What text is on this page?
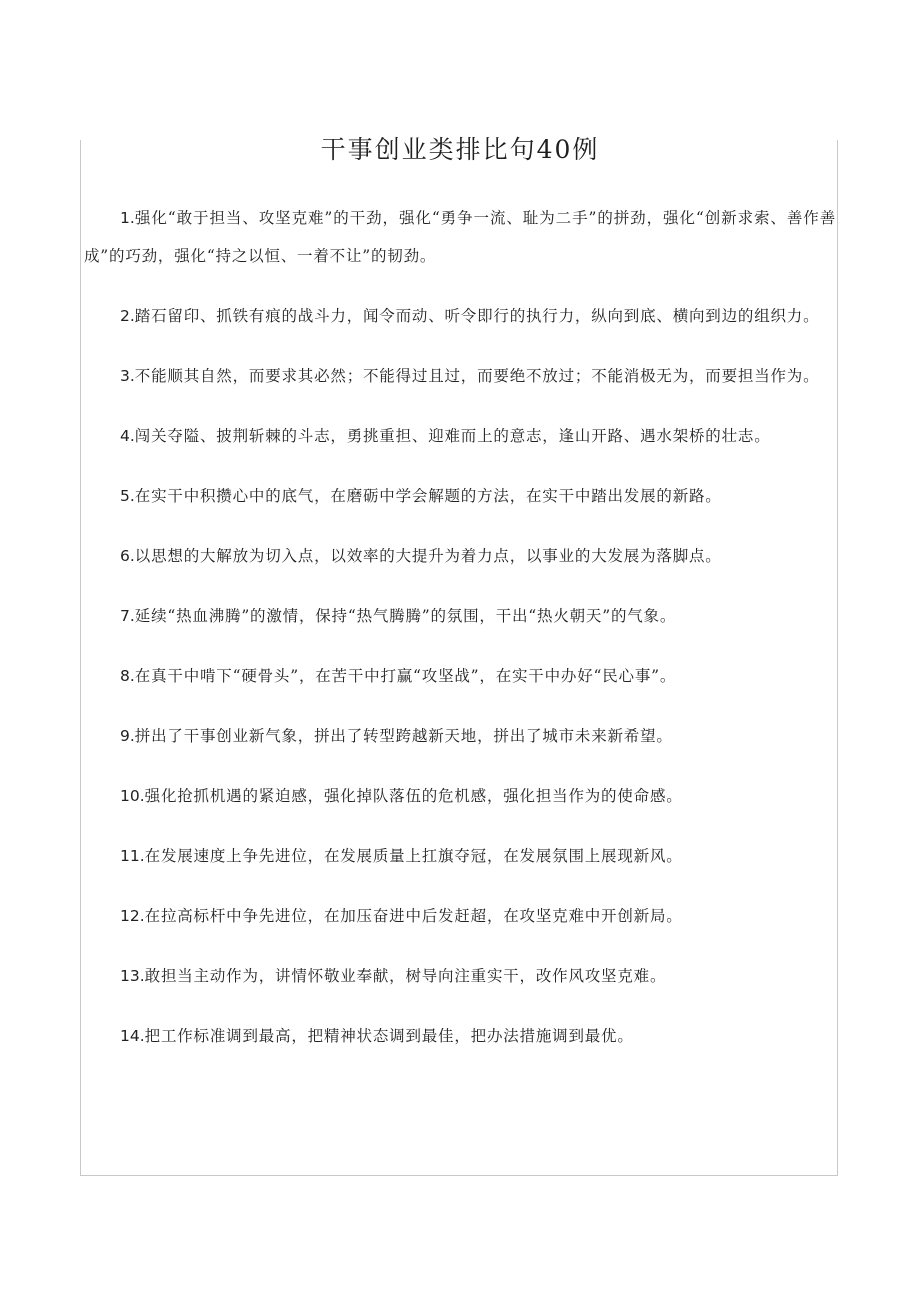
干事创业类排比句40例

1.强化“敢于担当、攻坚克难”的干劲，强化“勇争一流、耻为二手”的拼劲，强化“创新求索、善作善成”的巧劲，强化“持之以恒、一着不让”的韧劲。

2.踏石留印、抓铁有痕的战斗力，闻令而动、听令即行的执行力，纵向到底、横向到边的组织力。

3.不能顺其自然，而要求其必然；不能得过且过，而要绝不放过；不能消极无为，而要担当作为。

4.闯关夺隘、披荆斩棘的斗志，勇挑重担、迎难而上的意志，逢山开路、遇水架桥的壮志。

5.在实干中积攒心中的底气，在磨砺中学会解题的方法，在实干中踏出发展的新路。

6.以思想的大解放为切入点，以效率的大提升为着力点，以事业的大发展为落脚点。

7.延续“热血沸腾”的激情，保持“热气腾腾”的氛围，干出“热火朝天”的气象。

8.在真干中啃下“硬骨头”，在苦干中打赢“攻坚战”，在实干中办好“民心事”。

9.拼出了干事创业新气象，拼出了转型跨越新天地，拼出了城市未来新希望。

10.强化抢抓机遇的紧迫感，强化掉队落伍的危机感，强化担当作为的使命感。

11.在发展速度上争先进位，在发展质量上扛旗夺冠，在发展氛围上展现新风。

12.在拉高标杆中争先进位，在加压奋进中后发赶超，在攻坚克难中开创新局。

13.敢担当主动作为，讲情怀敬业奉献，树导向注重实干，改作风攻坚克难。

14.把工作标准调到最高，把精神状态调到最佳，把办法措施调到最优。
